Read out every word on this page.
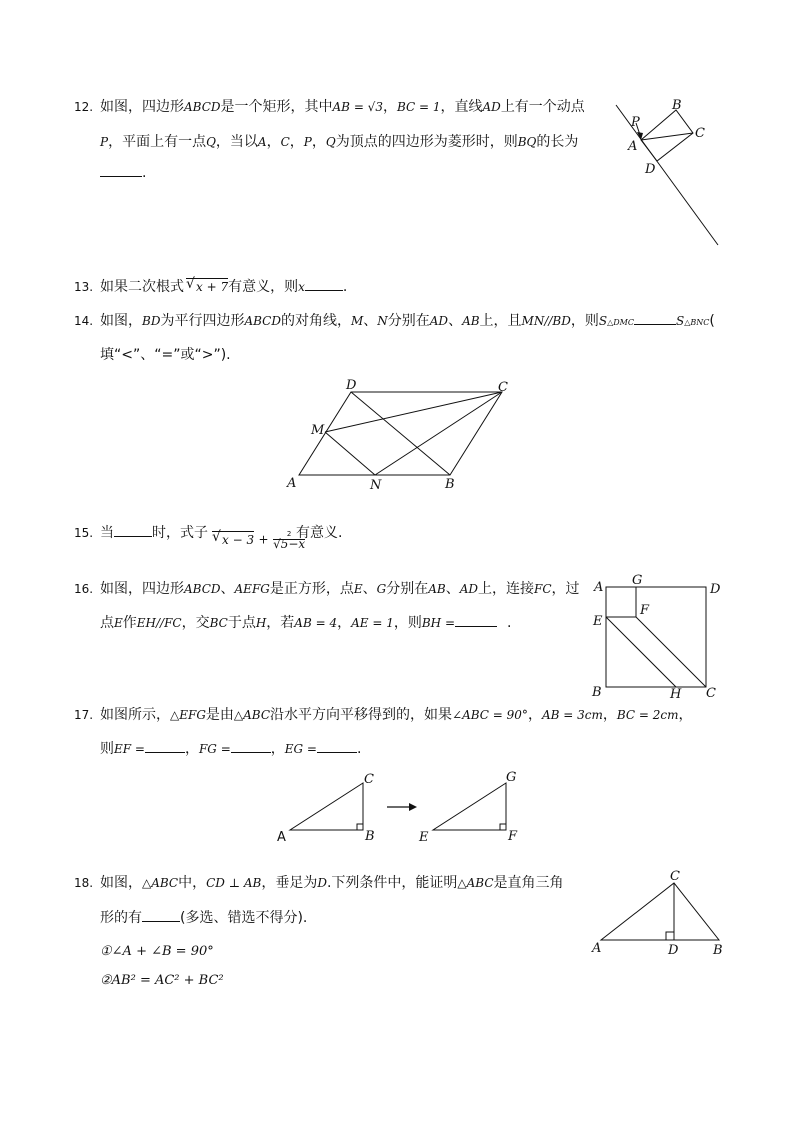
12. 如图，四边形ABCD是一个矩形，其中AB = √3，BC = 1，直线AD上有一个动点
P，平面上有一点Q，当以A，C，P，Q为顶点的四边形为菱形时，则BQ的长为
.
P
B
C
A
D
13. 如果二次根式 √ x + 7有意义，则x	.
14. 如图，BD为平行四边形ABCD的对角线，M、N分别在AD、AB上，且MN//BD，则S△DMC	S△BNC(
填“<”、“=”或“>”).
D	C
M
A	N	B
15. 当	时，式子 √ x − 3 +	2
√5−x
有意义.
16. 如图，四边形ABCD、AEFG是正方形，点E、G分别在AB、AD上，连接FC，过
点E作EH//FC，交BC于点H，若AB = 4，AE = 1，则BH =	.
A G
D
F
E
B	H C
17. 如图所示，△EFG是由△ABC沿水平方向平移得到的，如果∠ABC = 90°，AB = 3cm，BC = 2cm，
则EF =	，FG =	，EG =	.
C
A	B
G
E	F
18. 如图，△ABC中，CD ⊥ AB，垂足为D.下列条件中，能证明△ABC是直角三角
形的有	(多选、错选不得分).
①∠A + ∠B = 90°
②AB² = AC² + BC²
C
A	D	B
